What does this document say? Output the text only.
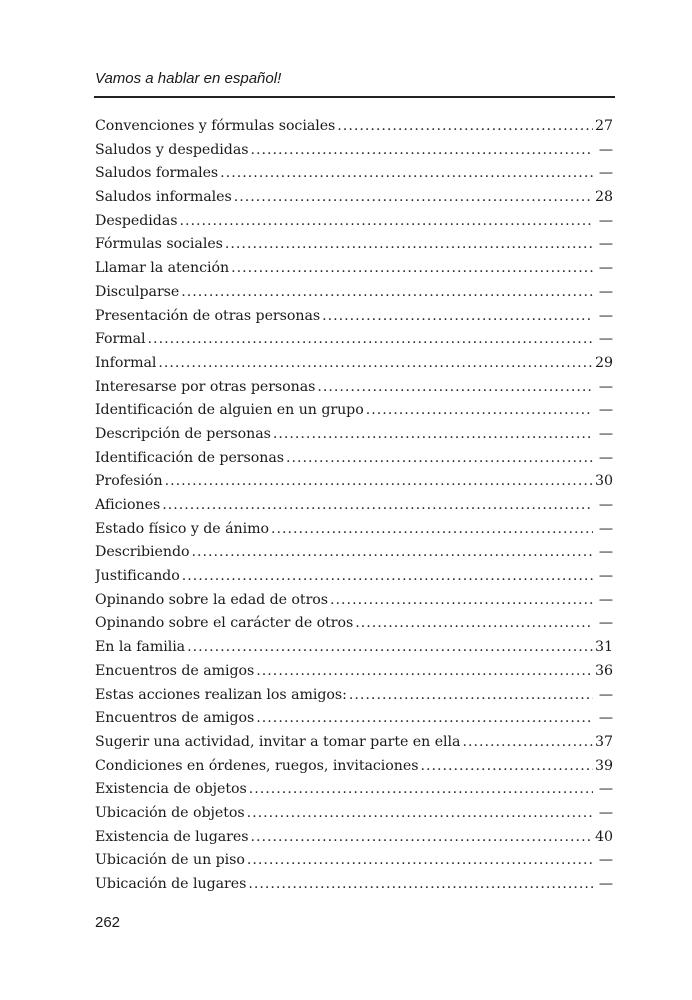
Vamos a hablar en español!
Convenciones y fórmulas sociales .....	27
Saludos y despedidas .....	—
Saludos formales .....	—
Saludos informales .....	28
Despedidas .....	—
Fórmulas sociales .....	—
Llamar la atención .....	—
Disculparse .....	—
Presentación de otras personas .....	—
Formal .....	—
Informal .....	29
Interesarse por otras personas .....	—
Identificación de alguien en un grupo .....	—
Descripción de personas .....	—
Identificación de personas .....	—
Profesión .....	30
Aficiones .....	—
Estado físico y de ánimo .....	—
Describiendo .....	—
Justificando .....	—
Opinando sobre la edad de otros .....	—
Opinando sobre el carácter de otros .....	—
En la familia .....	31
Encuentros de amigos .....	36
Estas acciones realizan los amigos: .....	—
Encuentros de amigos .....	—
Sugerir una actividad, invitar a tomar parte en ella .....	37
Condiciones en órdenes, ruegos, invitaciones .....	39
Existencia de objetos .....	—
Ubicación de objetos .....	—
Existencia de lugares .....	40
Ubicación de un piso .....	—
Ubicación de lugares .....	—
262
